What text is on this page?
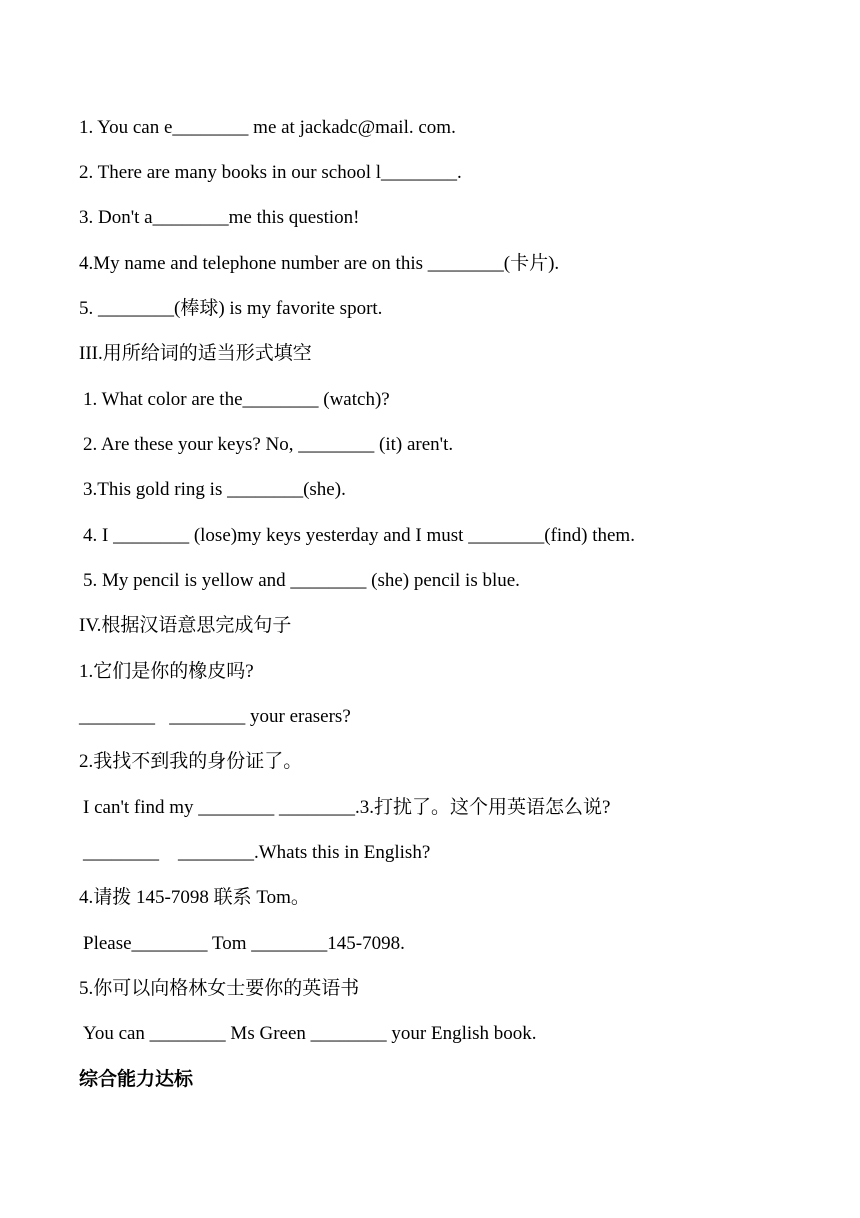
1. You can e________ me at jackadc@mail. com.
2. There are many books in our school l________.
3. Don't a________me this question!
4.My name and telephone number are on this ________(卡片).
5. ________(棒球) is my favorite sport.
III.用所给词的适当形式填空
1. What color are the________ (watch)?
2. Are these your keys? No, ________ (it) aren't.
3.This gold ring is ________(she).
4. I ________ (lose)my keys yesterday and I must ________(find) them.
5. My pencil is yellow and ________ (she) pencil is blue.
IV.根据汉语意思完成句子
1.它们是你的橡皮吗?
________   ________ your erasers?
2.我找不到我的身份证了。
I can't find my ________ ________.3.打扰了。这个用英语怎么说?
________    ________.Whats this in English?
4.请拨 145-7098 联系 Tom。
Please________ Tom ________145-7098.
5.你可以向格林女士要你的英语书
You can ________ Ms Green ________ your English book.
综合能力达标
